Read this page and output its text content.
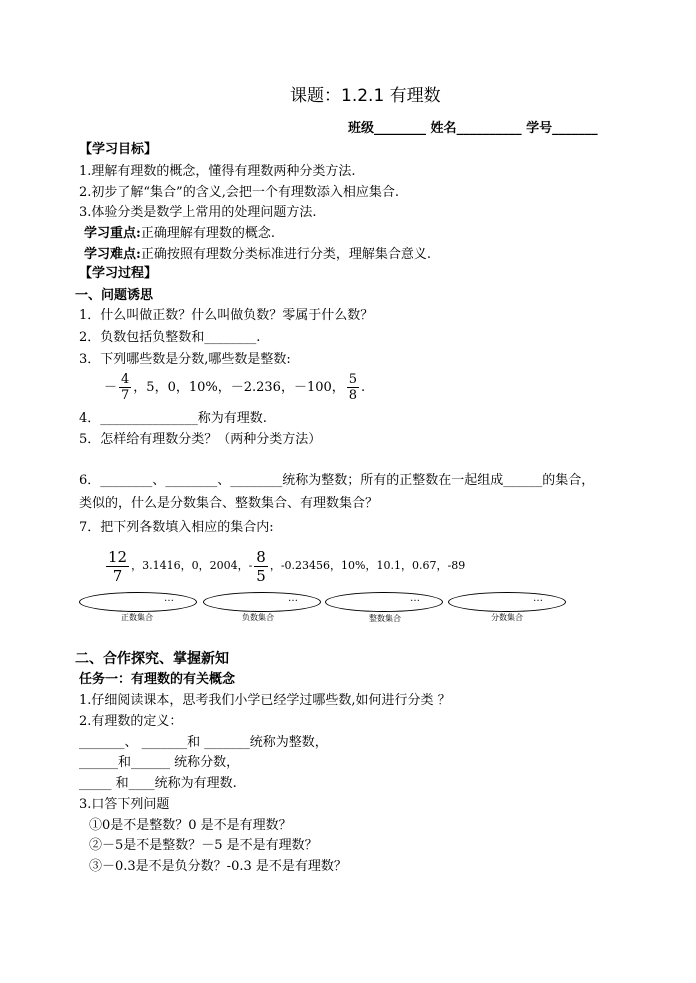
课题：1.2.1 有理数
班级________ 姓名__________ 学号_______
【学习目标】
1.理解有理数的概念，懂得有理数两种分类方法.
2.初步了解“集合”的含义,会把一个有理数添入相应集合.
3.体验分类是数学上常用的处理问题方法.
学习重点:正确理解有理数的概念.
学习难点:正确按照有理数分类标准进行分类，理解集合意义.
【学习过程】
一、问题诱思
1．什么叫做正数？什么叫做负数？零属于什么数？
2．负数包括负整数和________.
3．下列哪些数是分数,哪些数是整数:
－ $\frac{4}{7}$ ，5，0，10%，－2.236，－100， $\frac{5}{8}$ .
4．_______________称为有理数.
5．怎样给有理数分类？（两种分类方法）
6．________、________、________统称为整数；所有的正整数在一起组成______的集合，
类似的，什么是分数集合、整数集合、有理数集合？
7．把下列各数填入相应的集合内:
$\frac{12}{7}$ ，3.1416，0，2004，- $\frac{8}{5}$ ，-0.23456，10%，10.1，0.67，-89
…
正数集合
…
负数集合
…
整数集合
…
分数集合
二、合作探究、掌握新知
任务一：有理数的有关概念
1.仔细阅读课本，思考我们小学已经学过哪些数,如何进行分类 ？
2.有理数的定义：
_______、 _______和 _______统称为整数，
______和______ 统称分数，
_____ 和____统称为有理数.
3.口答下列问题
①0是不是整数？0 是不是有理数？
②－5是不是整数？－5 是不是有理数？
③－0.3是不是负分数？-0.3 是不是有理数？
